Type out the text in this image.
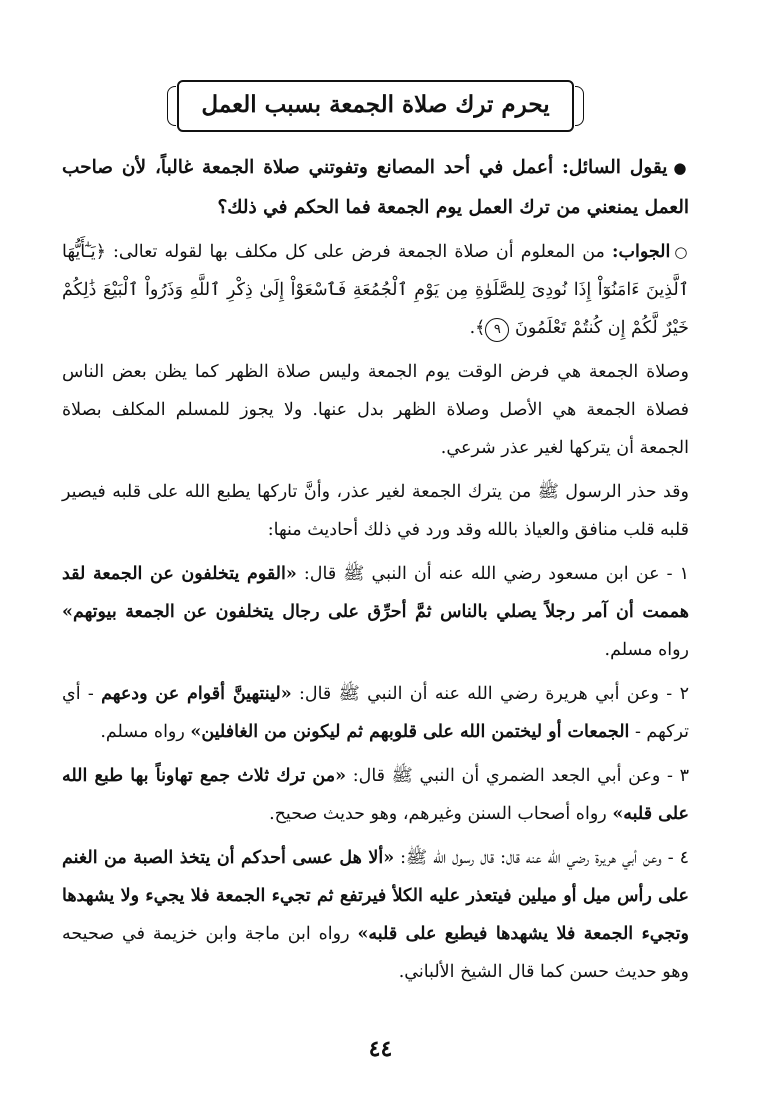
يحرم ترك صلاة الجمعة بسبب العمل

●يقول السائل: أعمل في أحد المصانع وتفوتني صلاة الجمعة غالباً، لأن صاحب العمل يمنعني من ترك العمل يوم الجمعة فما الحكم في ذلك؟

○الجواب: من المعلوم أن صلاة الجمعة فرض على كل مكلف بها لقوله تعالى: ﴿يَـٰٓأَيُّهَا ٱلَّذِينَ ءَامَنُوٓاْ إِذَا نُودِىَ لِلصَّلَوٰةِ مِن يَوْمِ ٱلْجُمُعَةِ فَٱسْعَوْاْ إِلَىٰ ذِكْرِ ٱللَّهِ وَذَرُواْ ٱلْبَيْعَ ذَٰلِكُمْ خَيْرٌ لَّكُمْ إِن كُنتُمْ تَعْلَمُونَ ٩﴾.

وصلاة الجمعة هي فرض الوقت يوم الجمعة وليس صلاة الظهر كما يظن بعض الناس فصلاة الجمعة هي الأصل وصلاة الظهر بدل عنها. ولا يجوز للمسلم المكلف بصلاة الجمعة أن يتركها لغير عذر شرعي.

وقد حذر الرسول ﷺ من يترك الجمعة لغير عذر، وأنَّ تاركها يطبع الله على قلبه فيصير قلبه قلب منافق والعياذ بالله وقد ورد في ذلك أحاديث منها:

١ - عن ابن مسعود رضي الله عنه أن النبي ﷺ قال: «القوم يتخلفون عن الجمعة لقد هممت أن آمر رجلاً يصلي بالناس ثمَّ أحرِّق على رجال يتخلفون عن الجمعة بيوتهم» رواه مسلم.

٢ - وعن أبي هريرة رضي الله عنه أن النبي ﷺ قال: «لينتهينَّ أقوام عن ودعهم - أي تركهم - الجمعات أو ليختمن الله على قلوبهم ثم ليكونن من الغافلين» رواه مسلم.

٣ - وعن أبي الجعد الضمري أن النبي ﷺ قال: «من ترك ثلاث جمع تهاوناً بها طبع الله على قلبه» رواه أصحاب السنن وغيرهم، وهو حديث صحيح.

٤ - وعن أبي هريرة رضي الله عنه قال: قال رسول الله ﷺ: «ألا هل عسى أحدكم أن يتخذ الصبة من الغنم على رأس ميل أو ميلين فيتعذر عليه الكلأ فيرتفع ثم تجيء الجمعة فلا يجيء ولا يشهدها وتجيء الجمعة فلا يشهدها فيطبع على قلبه» رواه ابن ماجة وابن خزيمة في صحيحه وهو حديث حسن كما قال الشيخ الألباني.

٤٤
